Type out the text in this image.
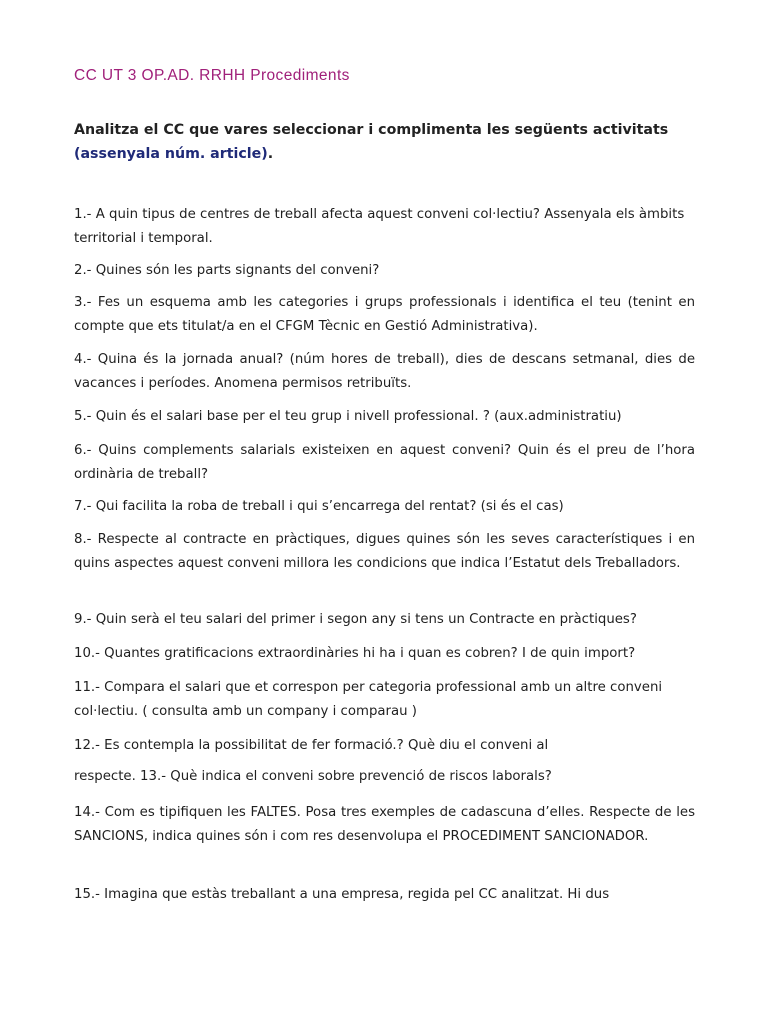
CC UT 3 OP.AD. RRHH Procediments

Analitza el CC que vares seleccionar i complimenta les següents activitats (assenyala núm. article).

1.- A quin tipus de centres de treball afecta aquest conveni col·lectiu? Assenyala els àmbits territorial i temporal.

2.- Quines són les parts signants del conveni?

3.- Fes un esquema amb les categories i grups professionals i identifica el teu (tenint en compte que ets titulat/a en el CFGM Tècnic en Gestió Administrativa).

4.- Quina és la jornada anual? (núm hores de treball), dies de descans setmanal, dies de vacances i períodes. Anomena permisos retribuïts.

5.- Quin és el salari base per el teu grup i nivell professional. ? (aux.administratiu)

6.- Quins complements salarials existeixen en aquest conveni? Quin és el preu de l’hora ordinària de treball?

7.- Qui facilita la roba de treball i qui s’encarrega del rentat? (si és el cas)

8.- Respecte al contracte en pràctiques, digues quines són les seves característiques i en quins aspectes aquest conveni millora les condicions que indica l’Estatut dels Treballadors.

9.- Quin serà el teu salari del primer i segon any si tens un Contracte en pràctiques?

10.- Quantes gratificacions extraordinàries hi ha i quan es cobren? I de quin import?

11.- Compara el salari que et correspon per categoria professional amb un altre conveni col·lectiu. ( consulta amb un company i comparau )

12.- Es contempla la possibilitat de fer formació.? Què diu el conveni al

respecte. 13.- Què indica el conveni sobre prevenció de riscos laborals?

14.- Com es tipifiquen les FALTES. Posa tres exemples de cadascuna d’elles. Respecte de les SANCIONS, indica quines són i com res desenvolupa el PROCEDIMENT SANCIONADOR.

15.- Imagina que estàs treballant a una empresa, regida pel CC analitzat. Hi dus
